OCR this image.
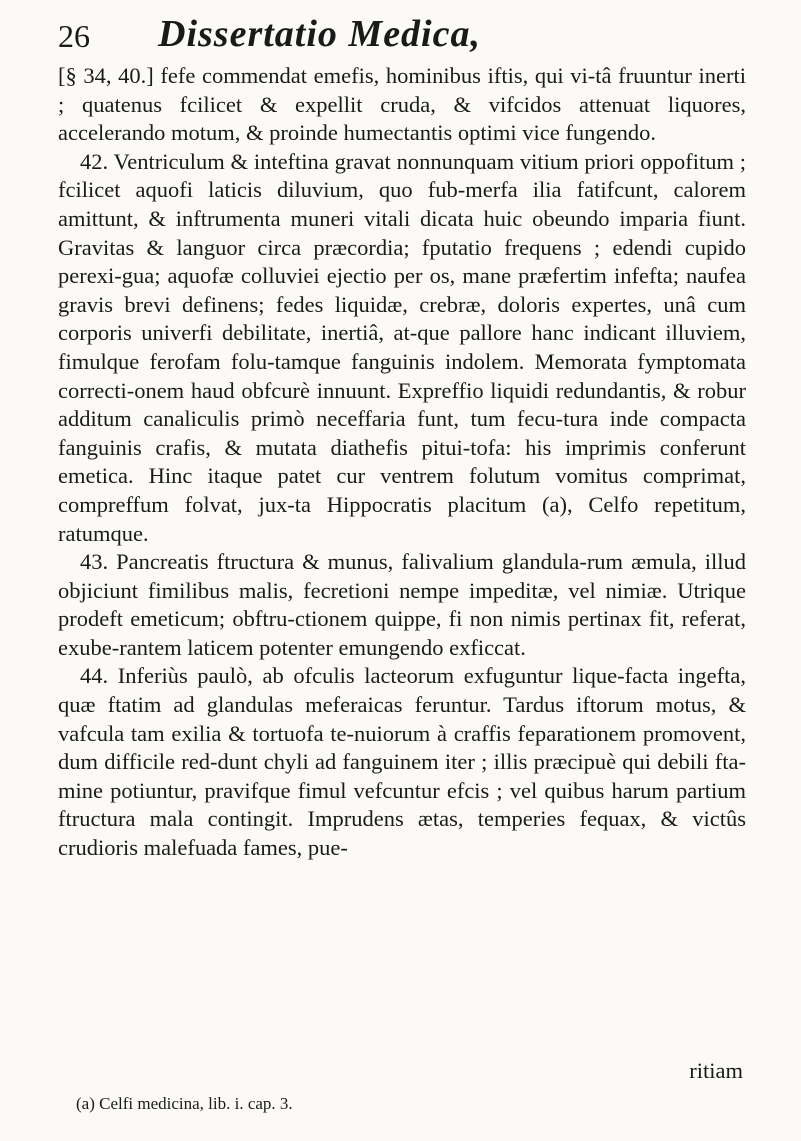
26 Dissertatio Medica,

[§ 34, 40.] fefe commendat emefis, hominibus iftis, qui vi-tâ fruuntur inerti ; quatenus fcilicet & expellit cruda, & vifcidos attenuat liquores, accelerando motum, & proinde humectantis optimi vice fungendo.

42. Ventriculum & inteftina gravat nonnunquam vitium priori oppofitum ; fcilicet aquofi laticis diluvium, quo fub-merfa ilia fatifcunt, calorem amittunt, & inftrumenta muneri vitali dicata huic obeundo imparia fiunt. Gravitas & languor circa præcordia; fputatio frequens ; edendi cupido perexi-gua; aquofæ colluviei ejectio per os, mane præfertim infefta; naufea gravis brevi definens; fedes liquidæ, crebræ, doloris expertes, unâ cum corporis univerfi debilitate, inertiâ, at-que pallore hanc indicant illuviem, fimulque ferofam folu-tamque fanguinis indolem. Memorata fymptomata correcti-onem haud obfcurè innuunt. Expreffio liquidi redundantis, & robur additum canaliculis primò neceffaria funt, tum fecu-tura inde compacta fanguinis crafis, & mutata diathefis pitui-tofa: his imprimis conferunt emetica. Hinc itaque patet cur ventrem folutum vomitus comprimat, compreffum folvat, jux-ta Hippocratis placitum (a), Celfo repetitum, ratumque.

43. Pancreatis ftructura & munus, falivalium glandula-rum æmula, illud objiciunt fimilibus malis, fecretioni nempe impeditæ, vel nimiæ. Utrique prodeft emeticum; obftru-ctionem quippe, fi non nimis pertinax fit, referat, exube-rantem laticem potenter emungendo exficcat.

44. Inferiùs paulò, ab ofculis lacteorum exfuguntur lique-facta ingefta, quæ ftatim ad glandulas meferaicas feruntur. Tardus iftorum motus, & vafcula tam exilia & tortuofa te-nuiorum à craffis feparationem promovent, dum difficile red-dunt chyli ad fanguinem iter ; illis præcipuè qui debili fta-mine potiuntur, pravifque fimul vefcuntur efcis ; vel quibus harum partium ftructura mala contingit. Imprudens ætas, temperies fequax, & victûs crudioris malefuada fames, pue-

ritiam
(a) Celfi medicina, lib. i. cap. 3.
